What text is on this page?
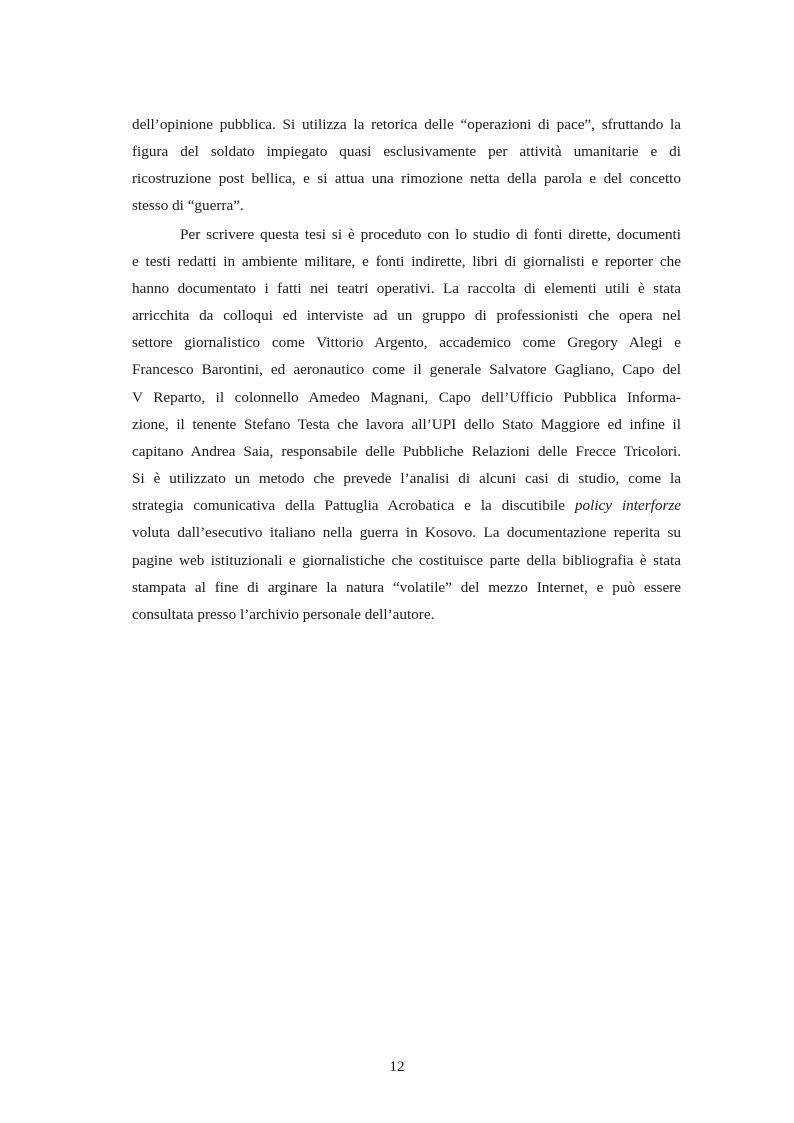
dell’opinione pubblica. Si utilizza la retorica delle “operazioni di pace”, sfruttando la
figura del soldato impiegato quasi esclusivamente per attività umanitarie e di
ricostruzione post bellica, e si attua una rimozione netta della parola e del concetto
stesso di “guerra”.
Per scrivere questa tesi si è proceduto con lo studio di fonti dirette, documenti
e testi redatti in ambiente militare, e fonti indirette, libri di giornalisti e reporter che
hanno documentato i fatti nei teatri operativi. La raccolta di elementi utili è stata
arricchita da colloqui ed interviste ad un gruppo di professionisti che opera nel
settore giornalistico come Vittorio Argento, accademico come Gregory Alegi e
Francesco Barontini, ed aeronautico come il generale Salvatore Gagliano, Capo del
V Reparto, il colonnello Amedeo Magnani, Capo dell’Ufficio Pubblica Informa-
zione, il tenente Stefano Testa che lavora all’UPI dello Stato Maggiore ed infine il
capitano Andrea Saia, responsabile delle Pubbliche Relazioni delle Frecce Tricolori.
Si è utilizzato un metodo che prevede l’analisi di alcuni casi di studio, come la
strategia comunicativa della Pattuglia Acrobatica e la discutibile policy interforze
voluta dall’esecutivo italiano nella guerra in Kosovo. La documentazione reperita su
pagine web istituzionali e giornalistiche che costituisce parte della bibliografia è stata
stampata al fine di arginare la natura “volatile” del mezzo Internet, e può essere
consultata presso l’archivio personale dell’autore.
12
